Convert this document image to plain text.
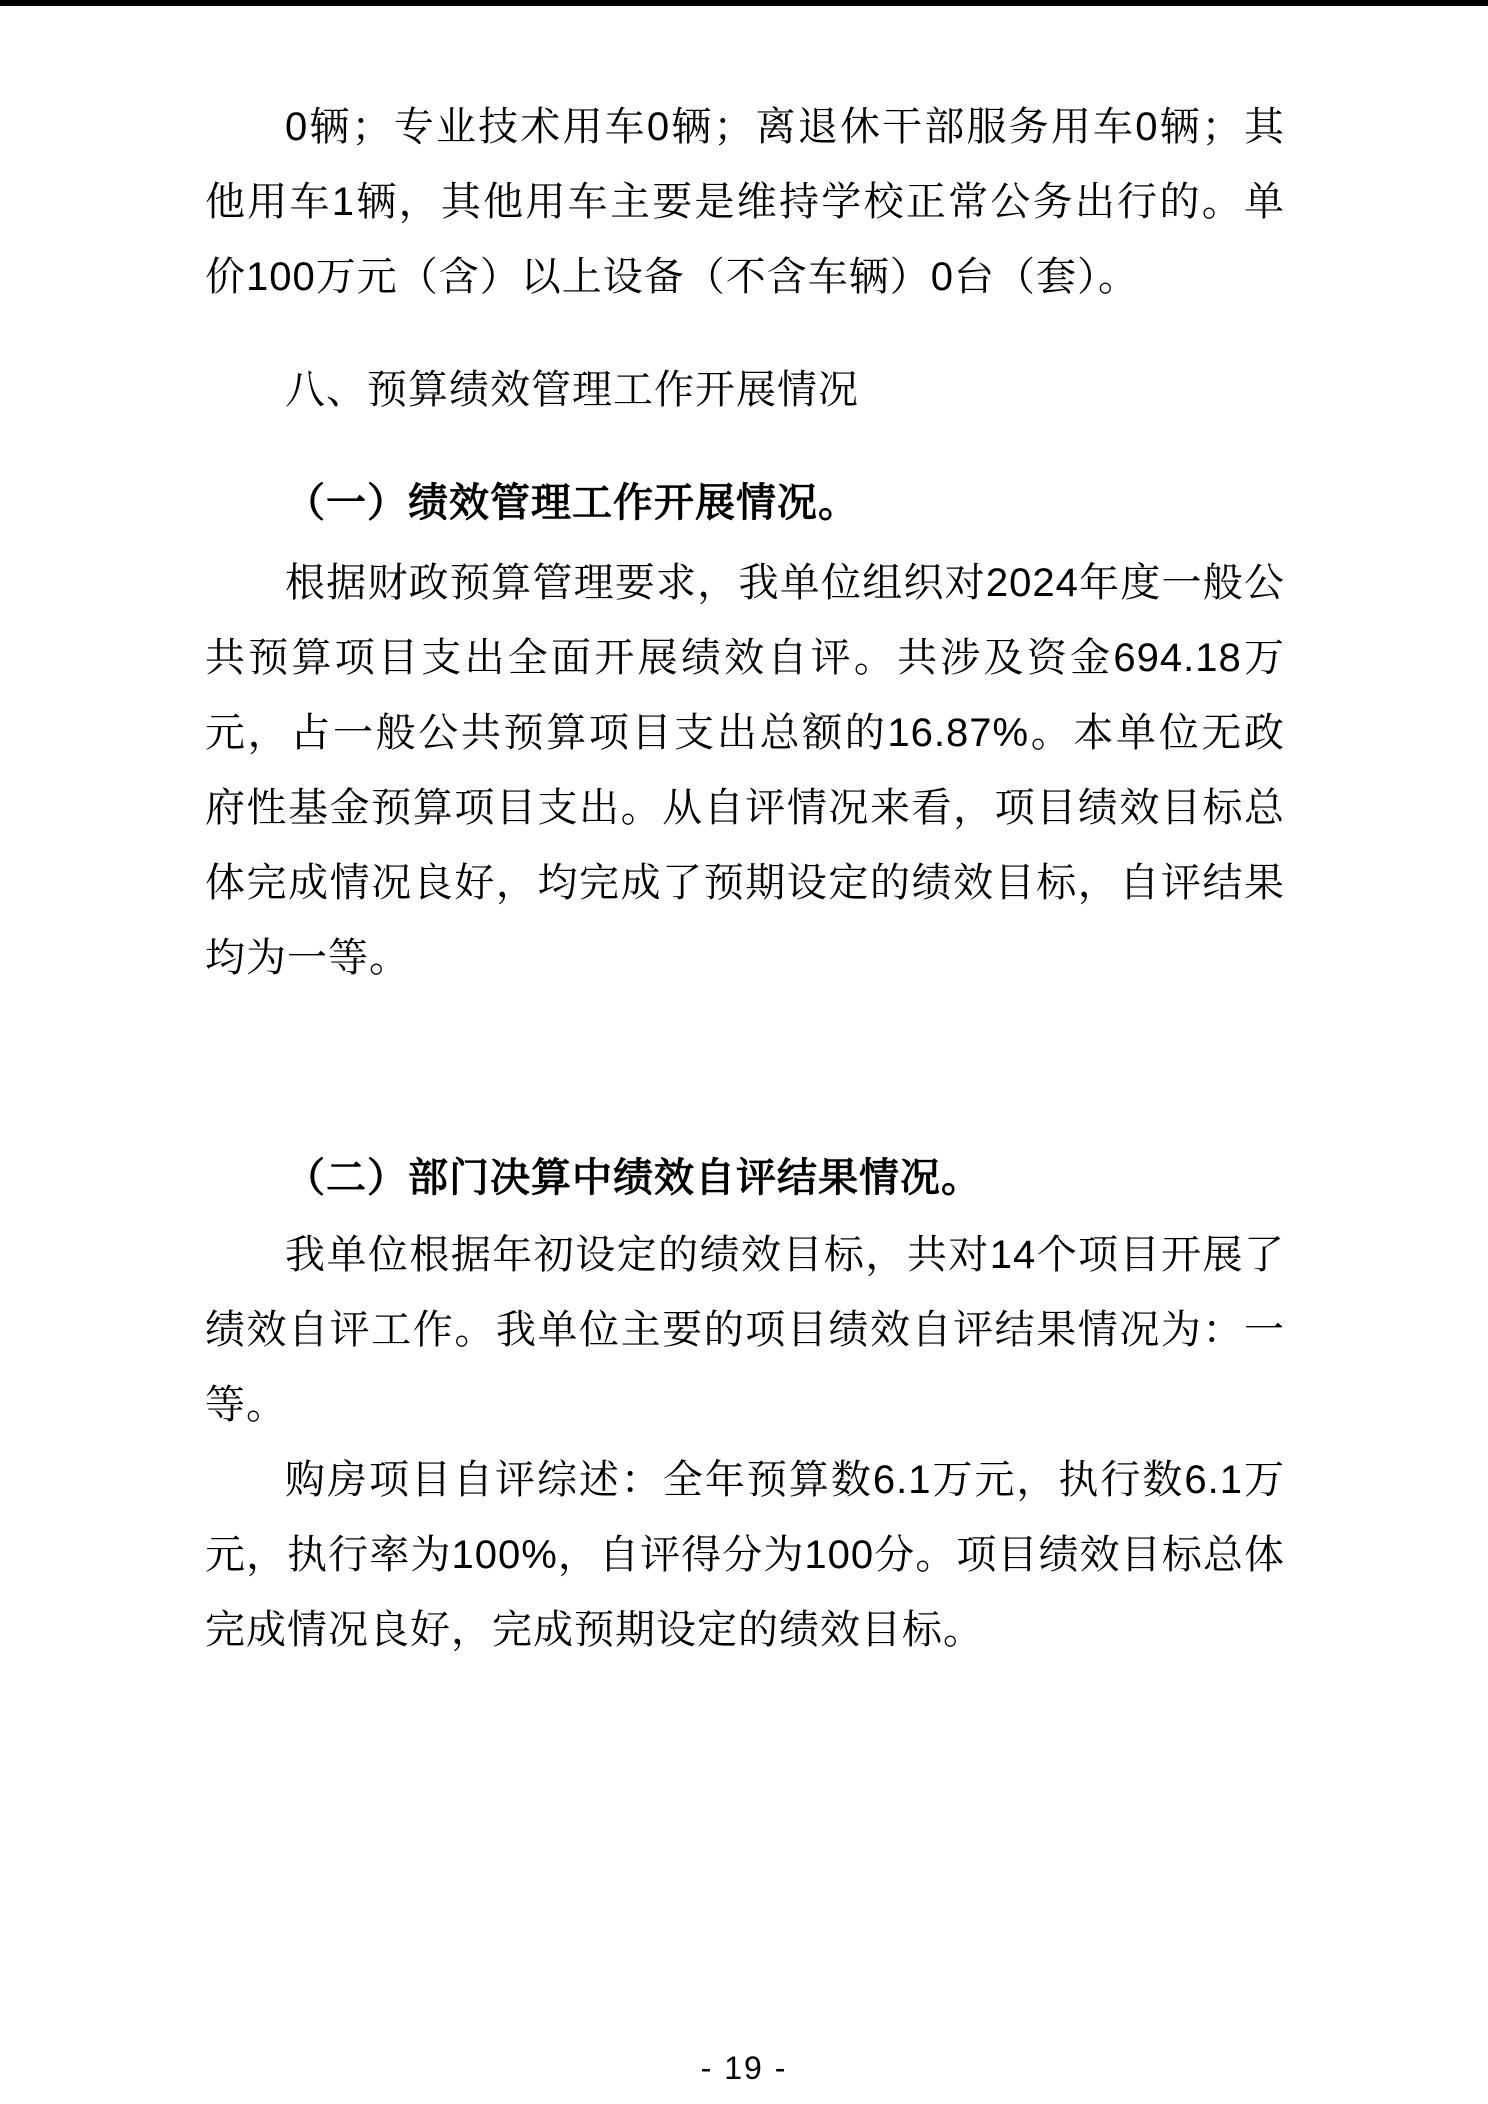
0辆；专业技术用车0辆；离退休干部服务用车0辆；其他用车1辆，其他用车主要是维持学校正常公务出行的。单价100万元（含）以上设备（不含车辆）0台（套）。

八、预算绩效管理工作开展情况

（一）绩效管理工作开展情况。

根据财政预算管理要求，我单位组织对2024年度一般公共预算项目支出全面开展绩效自评。共涉及资金694.18万元，占一般公共预算项目支出总额的16.87%。本单位无政府性基金预算项目支出。从自评情况来看，项目绩效目标总体完成情况良好，均完成了预期设定的绩效目标，自评结果均为一等。

（二）部门决算中绩效自评结果情况。

我单位根据年初设定的绩效目标，共对14个项目开展了绩效自评工作。我单位主要的项目绩效自评结果情况为：一等。

购房项目自评综述：全年预算数6.1万元，执行数6.1万元，执行率为100%，自评得分为100分。项目绩效目标总体完成情况良好，完成预期设定的绩效目标。

- 19 -
